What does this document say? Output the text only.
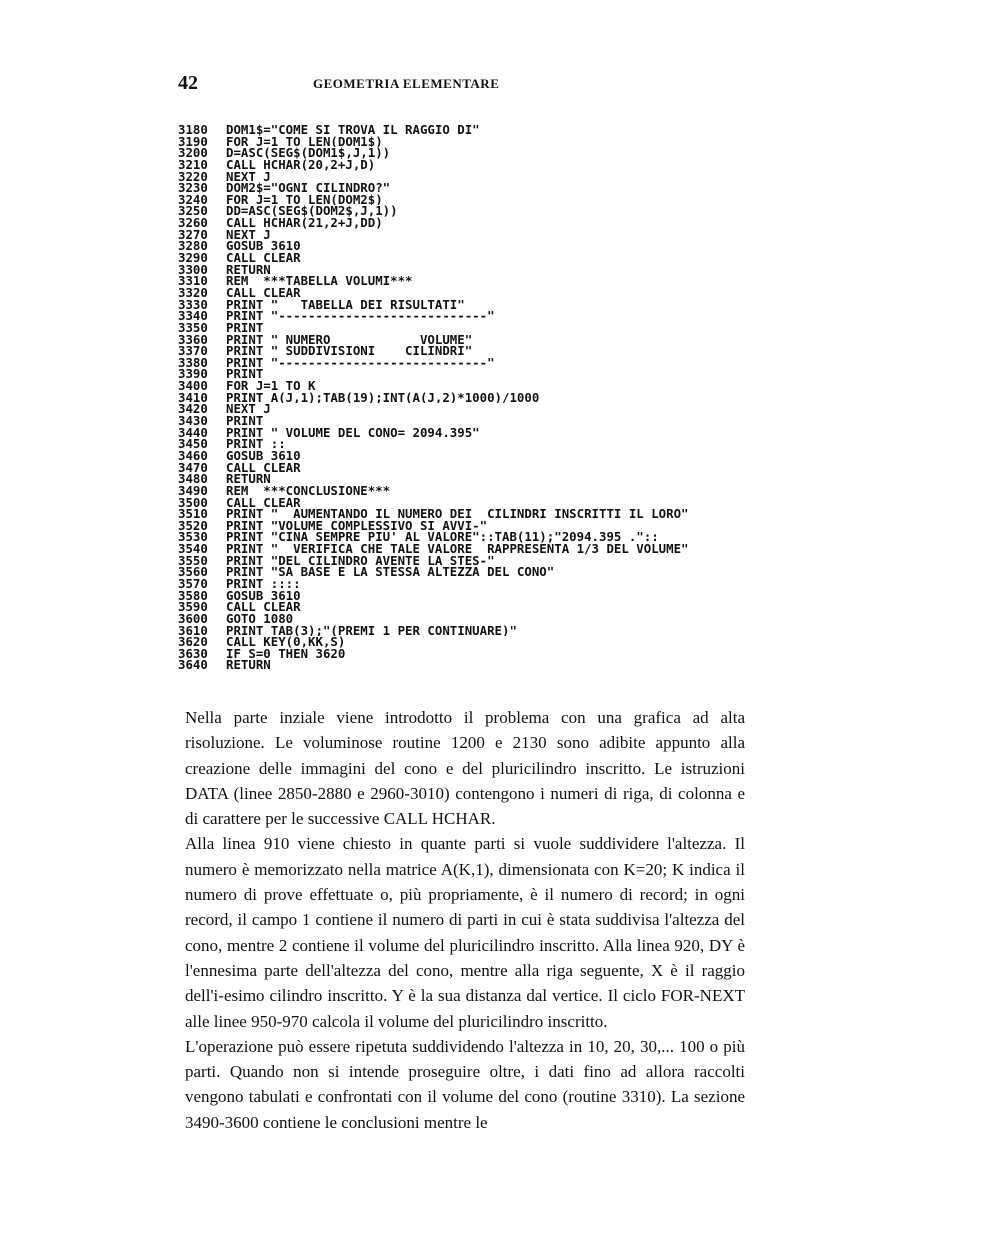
42	GEOMETRIA ELEMENTARE
3180	DOM1$="COME SI TROVA IL RAGGIO DI"
3190	FOR J=1 TO LEN(DOM1$)
3200	D=ASC(SEG$(DOM1$,J,1))
3210	CALL HCHAR(20,2+J,D)
3220	NEXT J
3230	DOM2$="OGNI CILINDRO?"
3240	FOR J=1 TO LEN(DOM2$)
3250	DD=ASC(SEG$(DOM2$,J,1))
3260	CALL HCHAR(21,2+J,DD)
3270	NEXT J
3280	GOSUB 3610
3290	CALL CLEAR
3300	RETURN
3310	REM  ***TABELLA VOLUMI***
3320	CALL CLEAR
3330	PRINT "   TABELLA DEI RISULTATI"
3340	PRINT "----------------------------"
3350	PRINT
3360	PRINT " NUMERO            VOLUME"
3370	PRINT " SUDDIVISIONI    CILINDRI"
3380	PRINT "----------------------------"
3390	PRINT
3400	FOR J=1 TO K
3410	PRINT A(J,1);TAB(19);INT(A(J,2)*1000)/1000
3420	NEXT J
3430	PRINT
3440	PRINT " VOLUME DEL CONO= 2094.395"
3450	PRINT ::
3460	GOSUB 3610
3470	CALL CLEAR
3480	RETURN
3490	REM  ***CONCLUSIONE***
3500	CALL CLEAR
3510	PRINT "  AUMENTANDO IL NUMERO DEI  CILINDRI INSCRITTI IL LORO"
3520	PRINT "VOLUME COMPLESSIVO SI AVVI-"
3530	PRINT "CINA SEMPRE PIU' AL VALORE"::TAB(11);"2094.395 ."::
3540	PRINT "  VERIFICA CHE TALE VALORE  RAPPRESENTA 1/3 DEL VOLUME"
3550	PRINT "DEL CILINDRO AVENTE LA STES-"
3560	PRINT "SA BASE E LA STESSA ALTEZZA DEL CONO"
3570	PRINT ::::
3580	GOSUB 3610
3590	CALL CLEAR
3600	GOTO 1080
3610	PRINT TAB(3);"(PREMI 1 PER CONTINUARE)"
3620	CALL KEY(0,KK,S)
3630	IF S=0 THEN 3620
3640	RETURN

Nella parte inziale viene introdotto il problema con una grafica ad alta risoluzione. Le voluminose routine 1200 e 2130 sono adibite appunto alla creazione delle immagini del cono e del pluricilindro inscritto. Le istruzioni DATA (linee 2850-2880 e 2960-3010) contengono i numeri di riga, di colonna e di carattere per le successive CALL HCHAR.

Alla linea 910 viene chiesto in quante parti si vuole suddividere l'altezza. Il numero è memorizzato nella matrice A(K,1), dimensionata con K=20; K indica il numero di prove effettuate o, più propriamente, è il numero di record; in ogni record, il campo 1 contiene il numero di parti in cui è stata suddivisa l'altezza del cono, mentre 2 contiene il volume del pluricilindro inscritto. Alla linea 920, DY è l'ennesima parte dell'altezza del cono, mentre alla riga seguente, X è il raggio dell'i-esimo cilindro inscritto. Y è la sua distanza dal vertice. Il ciclo FOR-NEXT alle linee 950-970 calcola il volume del pluricilindro inscritto.

L'operazione può essere ripetuta suddividendo l'altezza in 10, 20, 30,... 100 o più parti. Quando non si intende proseguire oltre, i dati fino ad allora raccolti vengono tabulati e confrontati con il volume del cono (routine 3310). La sezione 3490-3600 contiene le conclusioni mentre le
